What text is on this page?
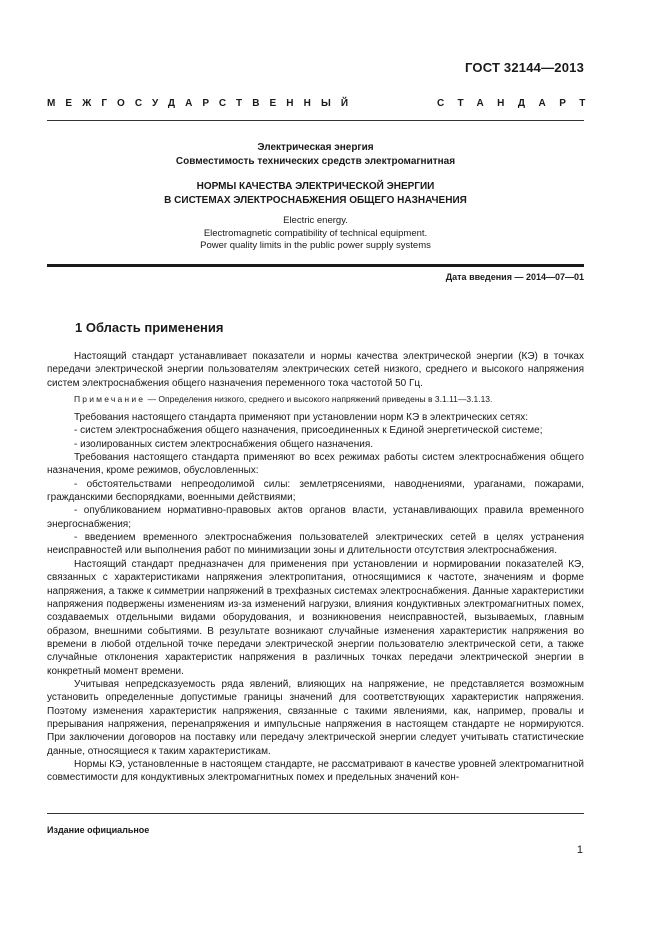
ГОСТ 32144—2013
МЕЖГОСУДАРСТВЕННЫЙ	СТАНДАРТ
Электрическая энергия
Совместимость технических средств электромагнитная
НОРМЫ КАЧЕСТВА ЭЛЕКТРИЧЕСКОЙ ЭНЕРГИИ
В СИСТЕМАХ ЭЛЕКТРОСНАБЖЕНИЯ ОБЩЕГО НАЗНАЧЕНИЯ
Electric energy.
Electromagnetic compatibility of technical equipment.
Power quality limits in the public power supply systems
Дата введения — 2014—07—01
1 Область применения

Настоящий стандарт устанавливает показатели и нормы качества электрической энергии (КЭ) в точках передачи электрической энергии пользователям электрических сетей низкого, среднего и высокого напряжения систем электроснабжения общего назначения переменного тока частотой 50 Гц.

Примечание — Определения низкого, среднего и высокого напряжений приведены в 3.1.11—3.1.13.

Требования настоящего стандарта применяют при установлении норм КЭ в электрических сетях:

- систем электроснабжения общего назначения, присоединенных к Единой энергетической системе;

- изолированных систем электроснабжения общего назначения.

Требования настоящего стандарта применяют во всех режимах работы систем электроснабжения общего назначения, кроме режимов, обусловленных:

- обстоятельствами непреодолимой силы: землетрясениями, наводнениями, ураганами, пожарами, гражданскими беспорядками, военными действиями;

- опубликованием нормативно-правовых актов органов власти, устанавливающих правила временного энергоснабжения;

- введением временного электроснабжения пользователей электрических сетей в целях устранения неисправностей или выполнения работ по минимизации зоны и длительности отсутствия электроснабжения.

Настоящий стандарт предназначен для применения при установлении и нормировании показателей КЭ, связанных с характеристиками напряжения электропитания, относящимися к частоте, значениям и форме напряжения, а также к симметрии напряжений в трехфазных системах электроснабжения. Данные характеристики напряжения подвержены изменениям из-за изменений нагрузки, влияния кондуктивных электромагнитных помех, создаваемых отдельными видами оборудования, и возникновения неисправностей, вызываемых, главным образом, внешними событиями. В результате возникают случайные изменения характеристик напряжения во времени в любой отдельной точке передачи электрической энергии пользователю электрической сети, а также случайные отклонения характеристик напряжения в различных точках передачи электрической энергии в конкретный момент времени.

Учитывая непредсказуемость ряда явлений, влияющих на напряжение, не представляется возможным установить определенные допустимые границы значений для соответствующих характеристик напряжения. Поэтому изменения характеристик напряжения, связанные с такими явлениями, как, например, провалы и прерывания напряжения, перенапряжения и импульсные напряжения в настоящем стандарте не нормируются. При заключении договоров на поставку или передачу электрической энергии следует учитывать статистические данные, относящиеся к таким характеристикам.

Нормы КЭ, установленные в настоящем стандарте, не рассматривают в качестве уровней электромагнитной совместимости для кондуктивных электромагнитных помех и предельных значений кон-

Издание официальное
1
